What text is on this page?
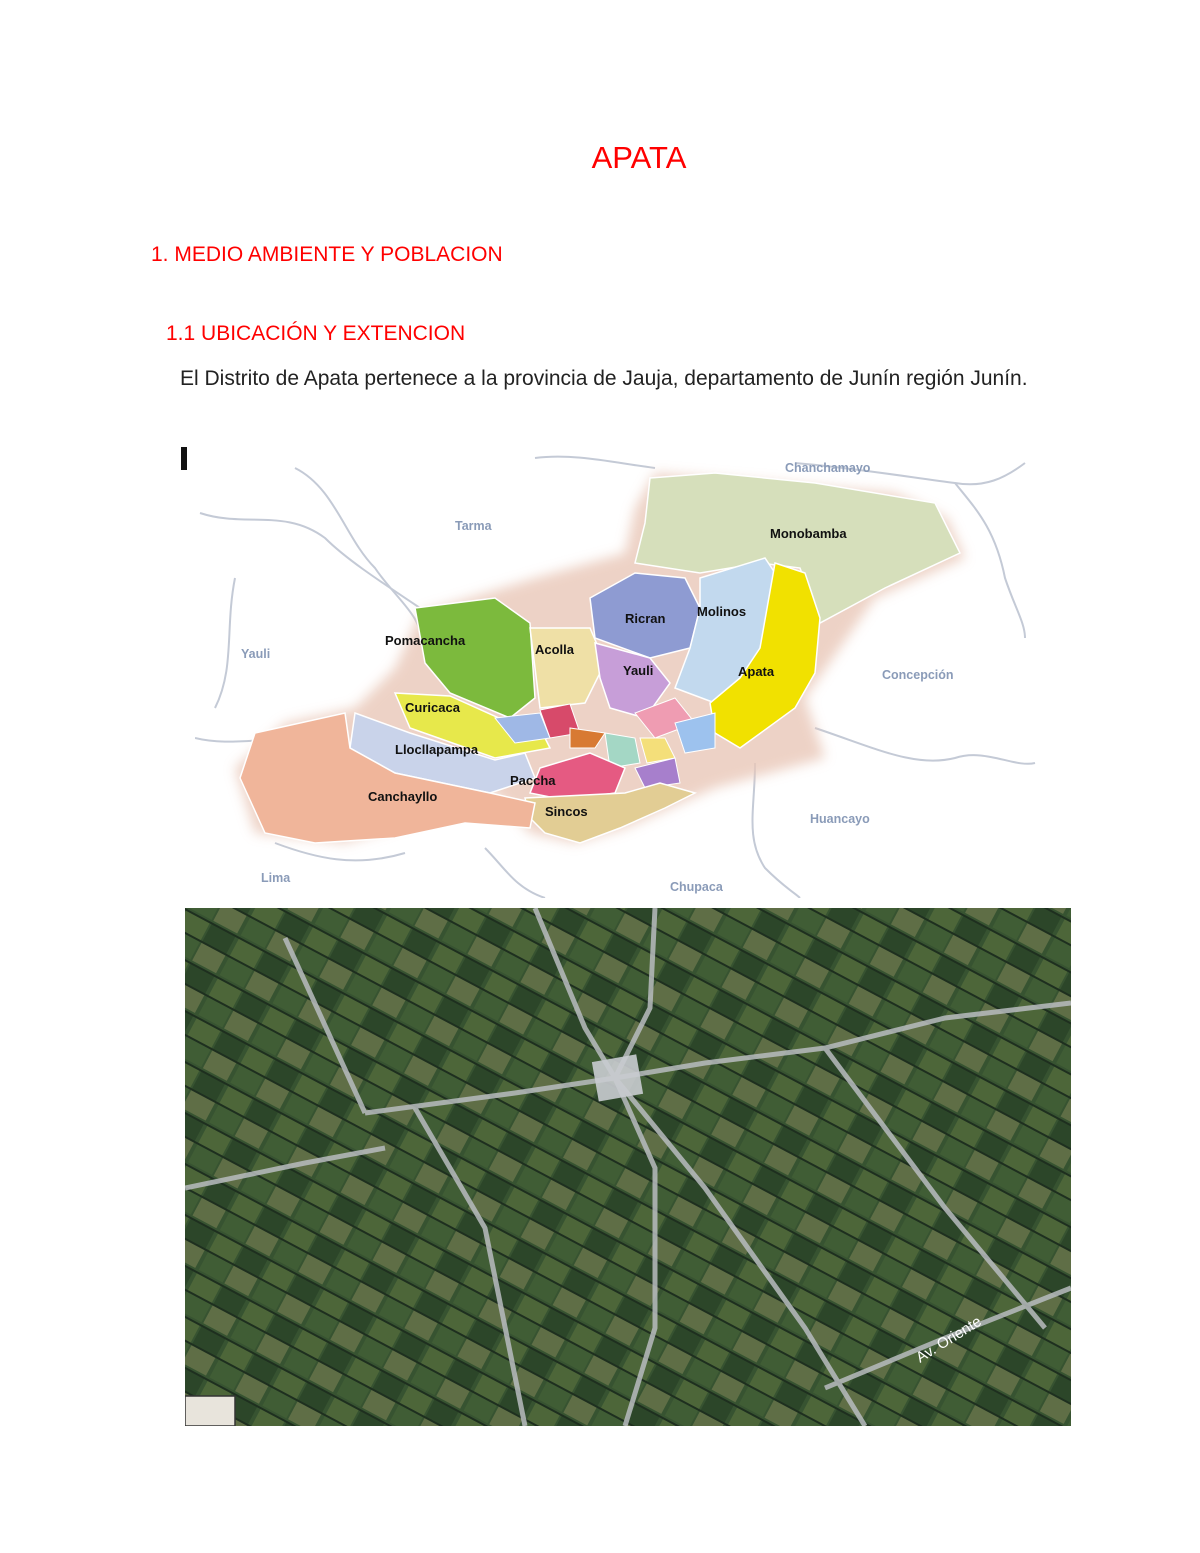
APATA
1. MEDIO AMBIENTE Y POBLACION
1.1 UBICACIÓN Y EXTENCION

El Distrito de Apata pertenece a la provincia de Jauja, departamento de Junín región Junín.

Monobamba
Ricran Molinos
Pomacancha
Acolla
Yauli	Apata
Curicaca
Llocllapampa
Paccha
Canchayllo
Sincos
Chanchamayo
Tarma
Yauli
Concepción
Huancayo
Lima
Chupaca
Av. Oriente
